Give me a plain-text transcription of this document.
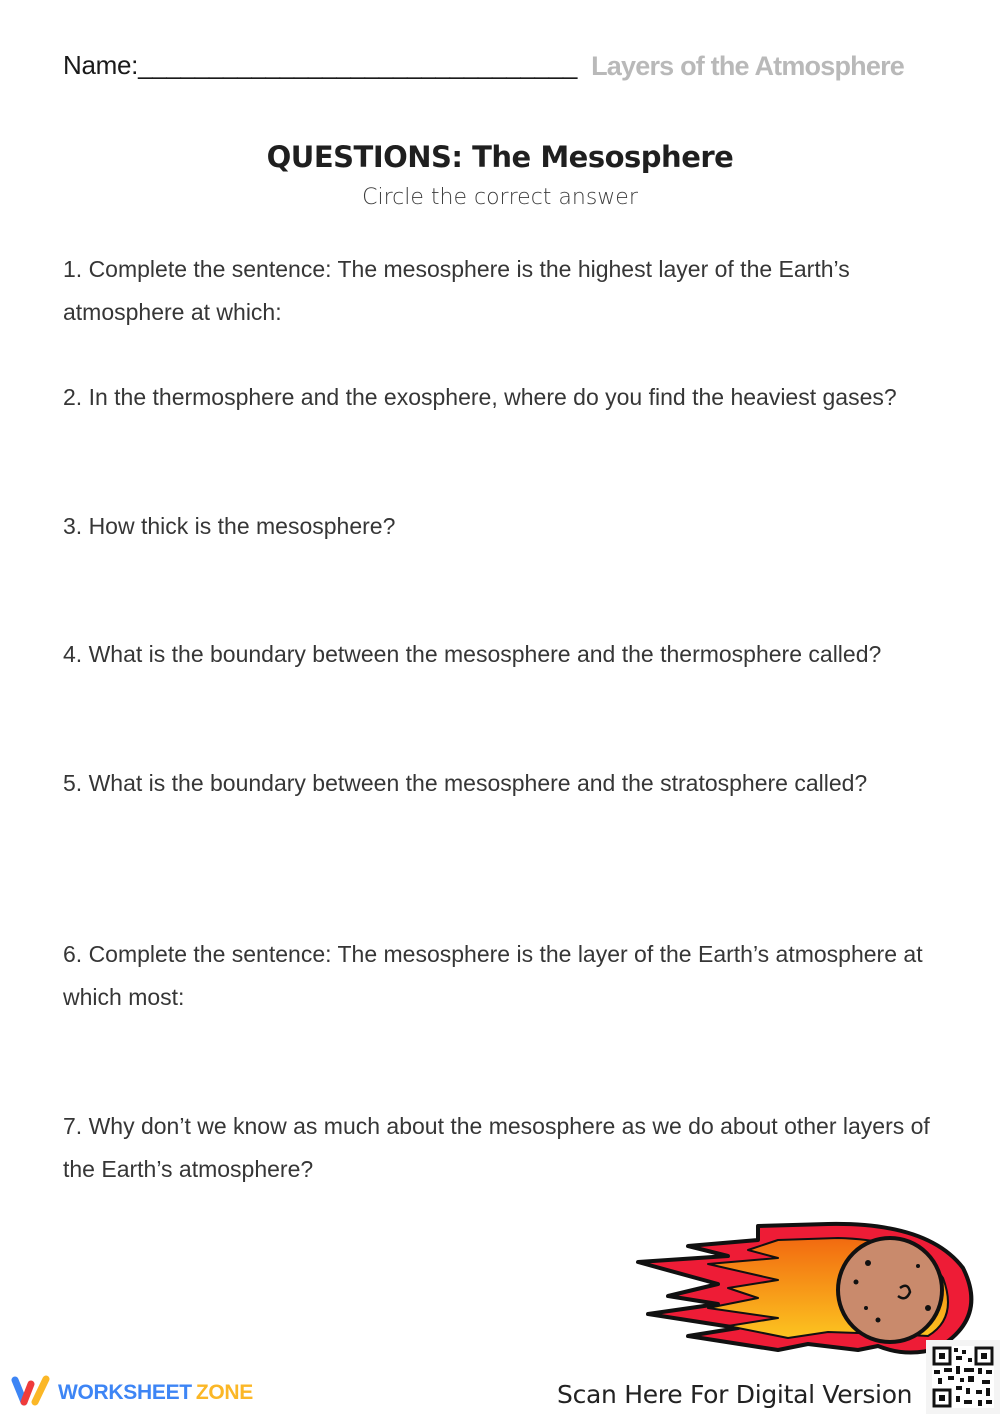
Name:_______________________________ Layers of the Atmosphere
QUESTIONS: The Mesosphere
Circle the correct answer
1. Complete the sentence: The mesosphere is the highest layer of the Earth’s atmosphere at which:
2. In the thermosphere and the exosphere, where do you find the heaviest gases?
3. How thick is the mesosphere?
4. What is the boundary between the mesosphere and the thermosphere called?
5. What is the boundary between the mesosphere and the stratosphere called?
6. Complete the sentence: The mesosphere is the layer of the Earth’s atmosphere at which most:
7. Why don’t we know as much about the mesosphere as we do about other layers of the Earth’s atmosphere?
WORKSHEET ZONE	Scan Here For Digital Version
